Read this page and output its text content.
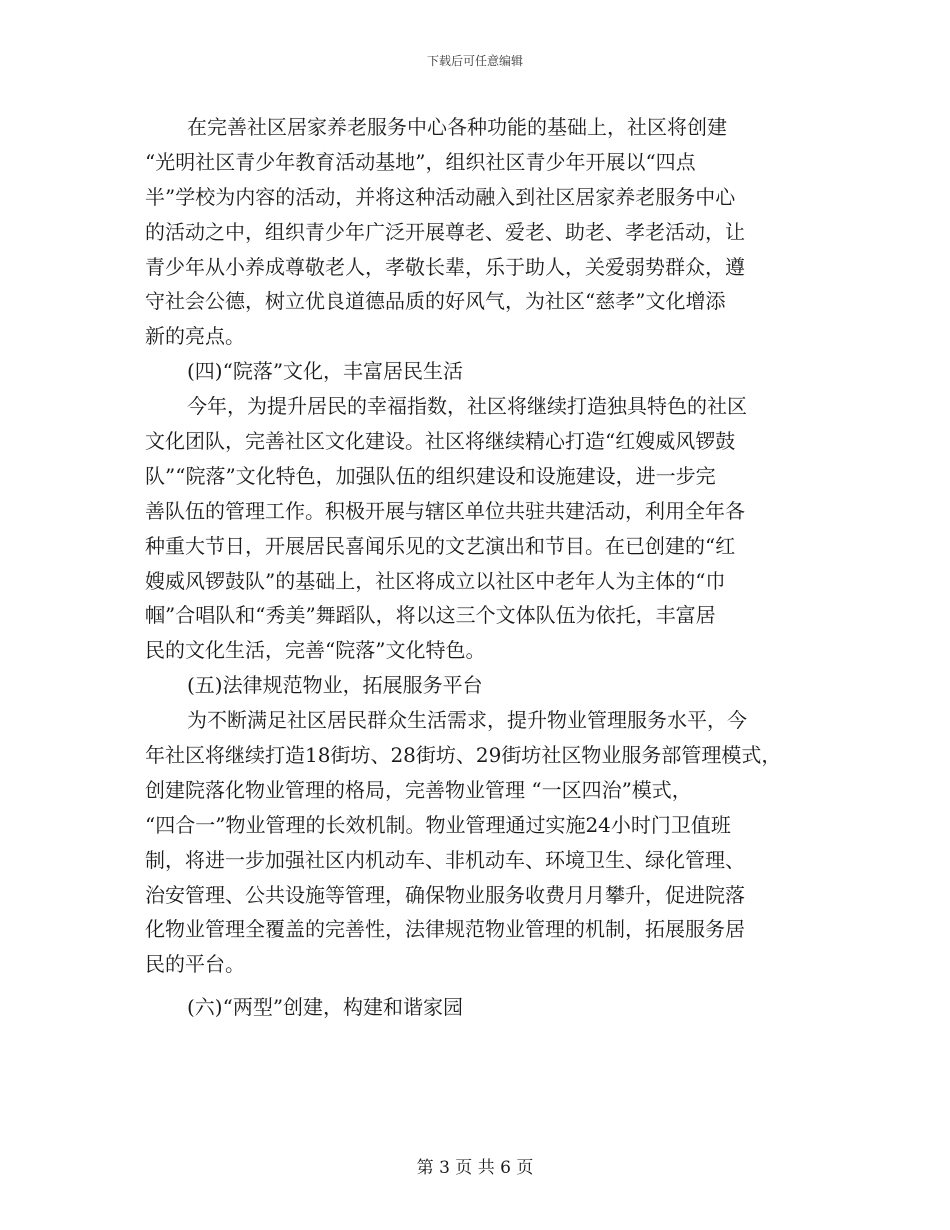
下载后可任意编辑
在完善社区居家养老服务中心各种功能的基础上，社区将创建
“光明社区青少年教育活动基地”，组织社区青少年开展以“四点
半”学校为内容的活动，并将这种活动融入到社区居家养老服务中心
的活动之中，组织青少年广泛开展尊老、爱老、助老、孝老活动，让
青少年从小养成尊敬老人，孝敬长辈，乐于助人，关爱弱势群众，遵
守社会公德，树立优良道德品质的好风气，为社区“慈孝”文化增添
新的亮点。
(四)“院落”文化，丰富居民生活
今年，为提升居民的幸福指数，社区将继续打造独具特色的社区
文化团队，完善社区文化建设。社区将继续精心打造“红嫂威风锣鼓
队”“院落”文化特色，加强队伍的组织建设和设施建设，进一步完
善队伍的管理工作。积极开展与辖区单位共驻共建活动，利用全年各
种重大节日，开展居民喜闻乐见的文艺演出和节目。在已创建的“红
嫂威风锣鼓队”的基础上，社区将成立以社区中老年人为主体的“巾
帼”合唱队和“秀美”舞蹈队，将以这三个文体队伍为依托，丰富居
民的文化生活，完善“院落”文化特色。
(五)法律规范物业，拓展服务平台
为不断满足社区居民群众生活需求，提升物业管理服务水平，今
年社区将继续打造18街坊、28街坊、29街坊社区物业服务部管理模式，
创建院落化物业管理的格局，完善物业管理 “一区四治”模式，
“四合一”物业管理的长效机制。物业管理通过实施24小时门卫值班
制，将进一步加强社区内机动车、非机动车、环境卫生、绿化管理、
治安管理、公共设施等管理，确保物业服务收费月月攀升，促进院落
化物业管理全覆盖的完善性，法律规范物业管理的机制，拓展服务居
民的平台。
(六)“两型”创建，构建和谐家园
第 3 页 共 6 页
